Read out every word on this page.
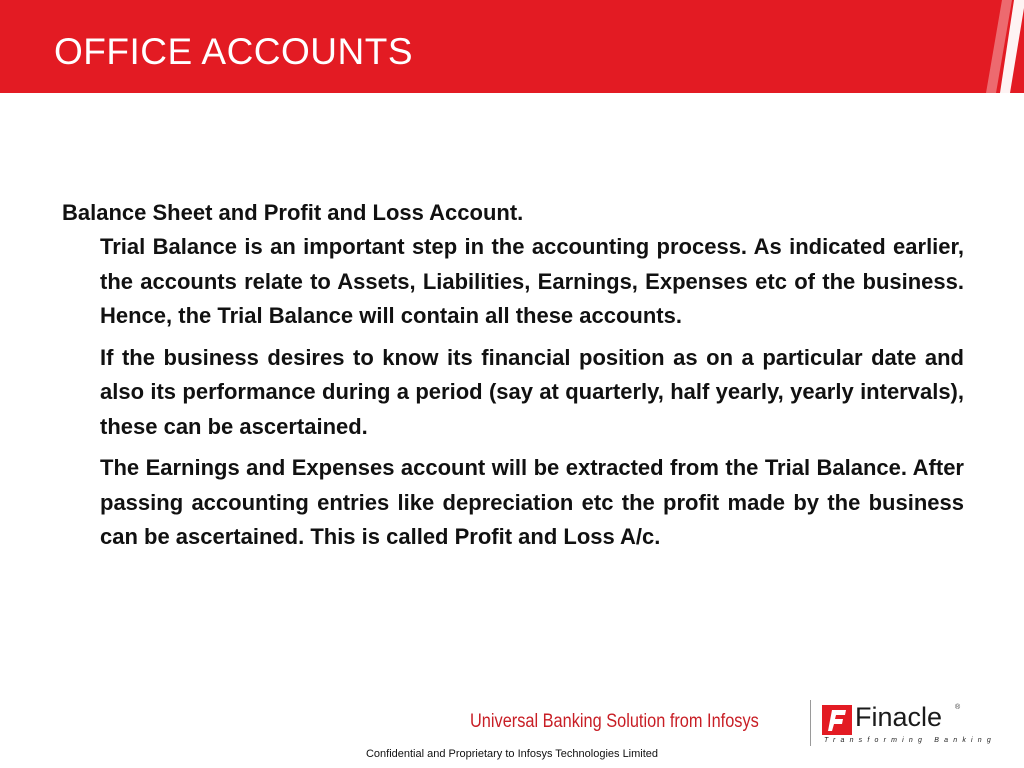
OFFICE ACCOUNTS
Balance Sheet and Profit and Loss Account.

Trial Balance is an important step in the accounting process. As indicated earlier, the accounts relate to Assets, Liabilities, Earnings, Expenses etc of the business. Hence, the Trial Balance will contain all these accounts.

If the business desires to know its financial position as on a particular date and also its performance during a period (say at quarterly, half yearly, yearly intervals), these can be ascertained.

The Earnings and Expenses account will be extracted from the Trial Balance. After passing accounting entries like depreciation etc the profit made by the business can be ascertained. This is called Profit and Loss A/c.

Universal Banking Solution from Infosys	Finacle ®
Transforming Banking
Confidential and Proprietary to Infosys Technologies Limited
